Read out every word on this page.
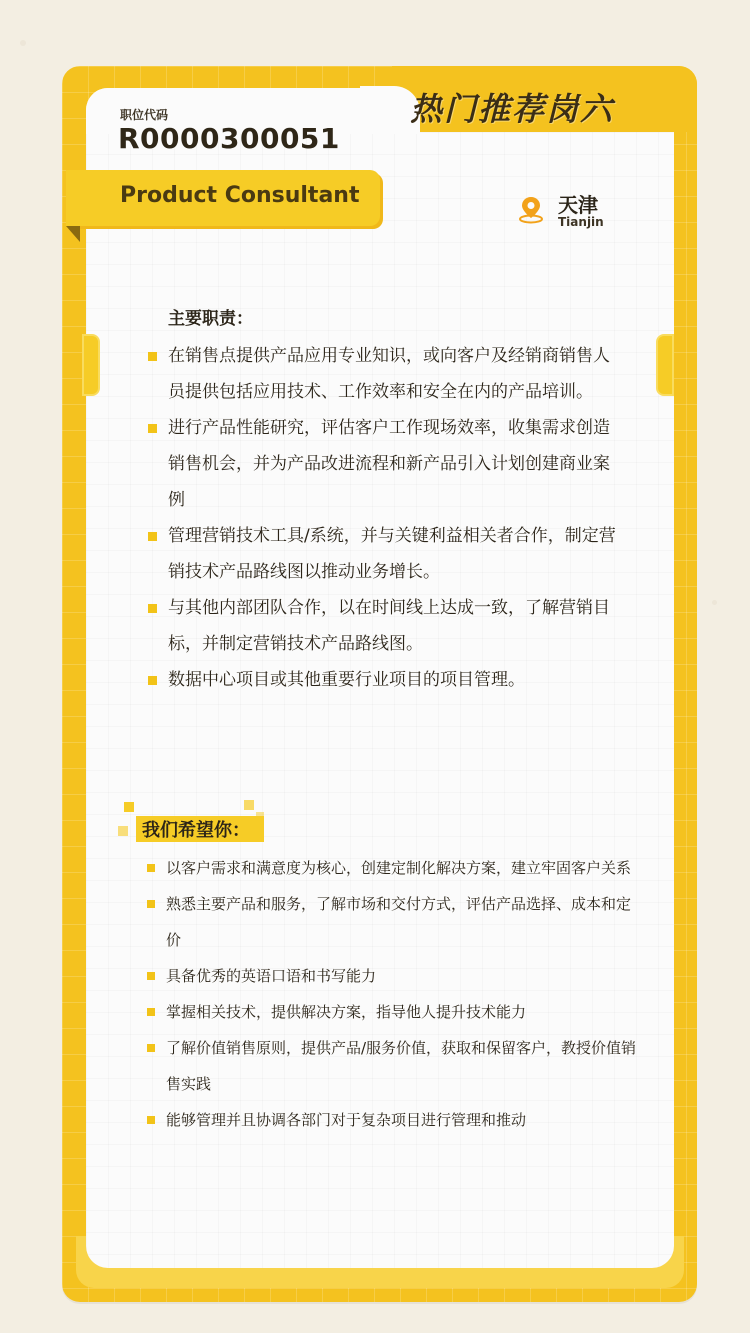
热门推荐岗六
职位代码
R0000300051
Product Consultant	天津
Tianjin
主要职责：
在销售点提供产品应用专业知识，或向客户及经销商销售人员提供包括应用技术、工作效率和安全在内的产品培训。
进行产品性能研究，评估客户工作现场效率，收集需求创造销售机会，并为产品改进流程和新产品引入计划创建商业案例
管理营销技术工具/系统，并与关键利益相关者合作，制定营销技术产品路线图以推动业务增长。
与其他内部团队合作，以在时间线上达成一致，了解营销目标，并制定营销技术产品路线图。
数据中心项目或其他重要行业项目的项目管理。
我们希望你：
以客户需求和满意度为核心，创建定制化解决方案，建立牢固客户关系
熟悉主要产品和服务，了解市场和交付方式，评估产品选择、成本和定价
具备优秀的英语口语和书写能力
掌握相关技术，提供解决方案，指导他人提升技术能力
了解价值销售原则，提供产品/服务价值，获取和保留客户，教授价值销售实践
能够管理并且协调各部门对于复杂项目进行管理和推动
